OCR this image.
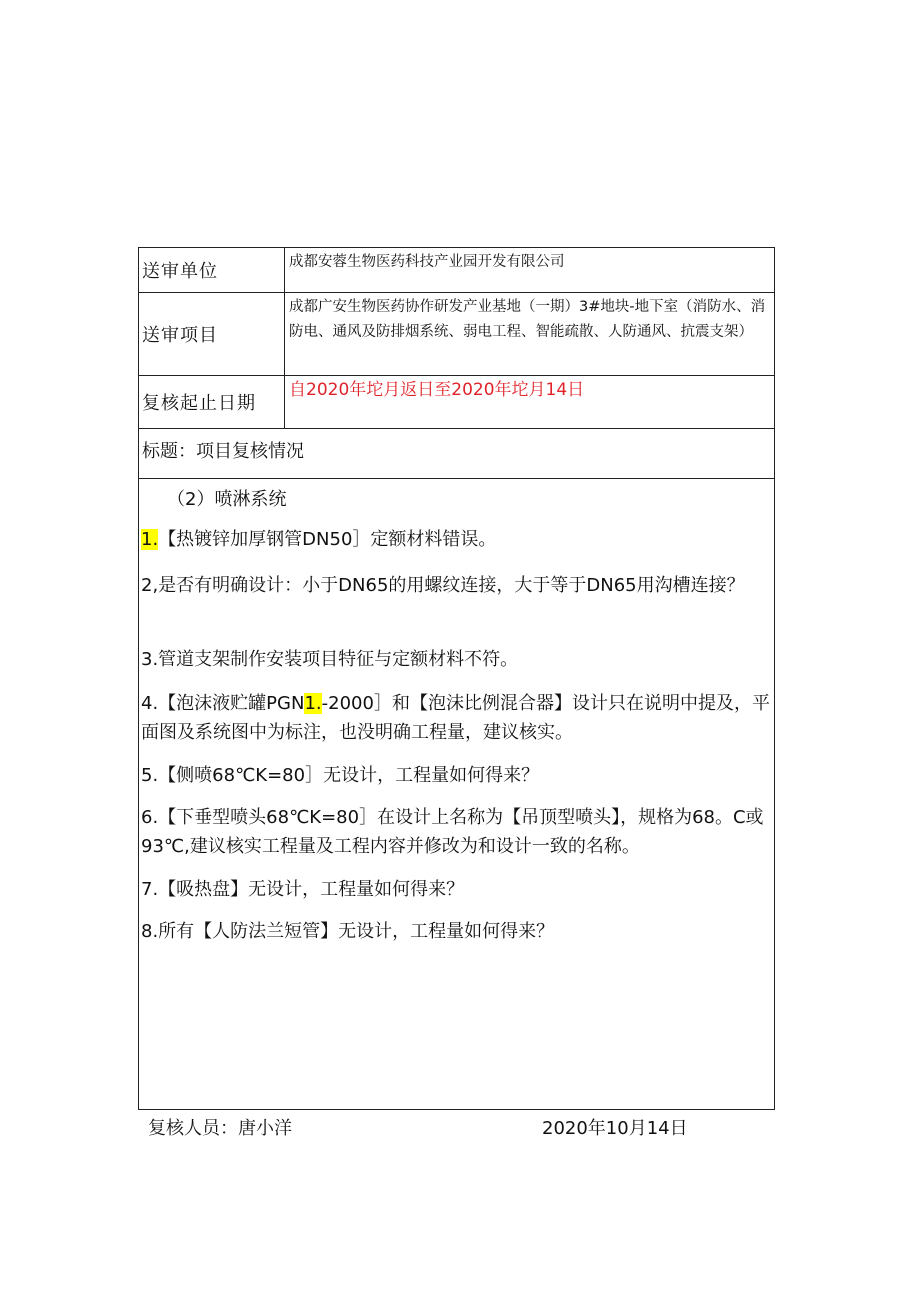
送审单位	成都安蓉生物医药科技产业园开发有限公司
送审项目
成都广安生物医药协作研发产业基地（一期）3#地块-地下室（消防水、消防电、通风及防排烟系统、弱电工程、智能疏散、人防通风、抗震支架）
复核起止日期
自2020年坨月返日至2020年坨月14日
标题：项目复核情况
（2）喷淋系统
1.【热镀锌加厚钢管DN50］定额材料错误。
2,是否有明确设计：小于DN65的用螺纹连接，大于等于DN65用沟槽连接？
3.管道支架制作安装项目特征与定额材料不符。
4.【泡沫液贮罐PGN1.-2000］和【泡沫比例混合器】设计只在说明中提及，平面图及系统图中为标注，也没明确工程量，建议核实。
5.【侧喷68℃K=80］无设计，工程量如何得来？
6.【下垂型喷头68℃K=80］在设计上名称为【吊顶型喷头】，规格为68。C或93℃,建议核实工程量及工程内容并修改为和设计一致的名称。
7.【吸热盘】无设计，工程量如何得来？
8.所有【人防法兰短管】无设计，工程量如何得来？
复核人员：唐小洋	2020年10月14日
